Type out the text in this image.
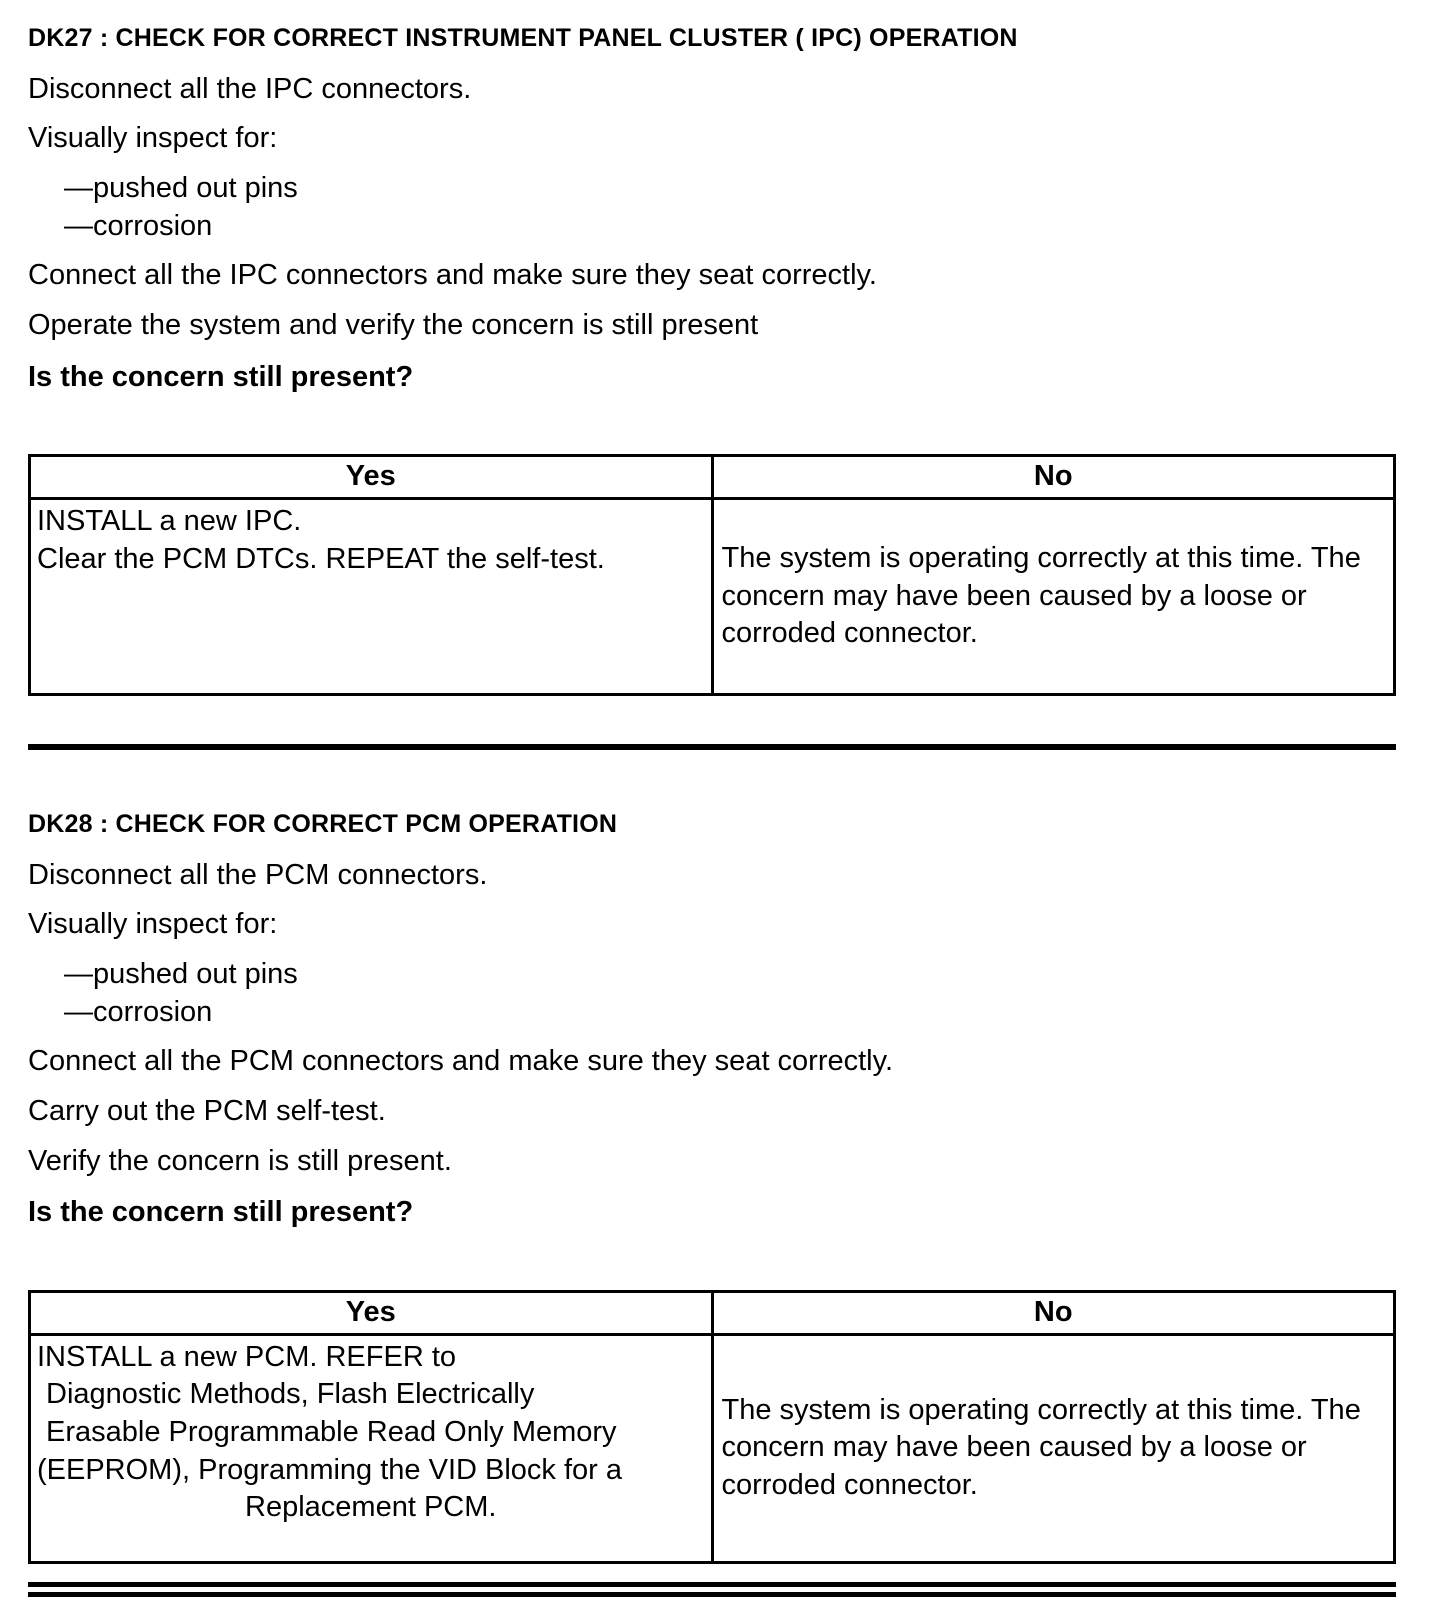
DK27 : CHECK FOR CORRECT INSTRUMENT PANEL CLUSTER ( IPC) OPERATION

Disconnect all the IPC connectors.

Visually inspect for:

—pushed out pins

—corrosion

Connect all the IPC connectors and make sure they seat correctly.

Operate the system and verify the concern is still present

Is the concern still present?

Yes	No

INSTALL a new IPC.
Clear the PCM DTCs. REPEAT the self-test.	The system is operating correctly at this time. The concern may have been caused by a loose or corroded connector.
DK28 : CHECK FOR CORRECT PCM OPERATION

Disconnect all the PCM connectors.

Visually inspect for:

—pushed out pins

—corrosion

Connect all the PCM connectors and make sure they seat correctly.

Carry out the PCM self-test.

Verify the concern is still present.

Is the concern still present?

Yes	No

INSTALL a new PCM. REFER to
Diagnostic Methods, Flash Electrically
Erasable Programmable Read Only Memory
(EEPROM), Programming the VID Block for a
Replacement PCM.	The system is operating correctly at this time. The concern may have been caused by a loose or corroded connector.
